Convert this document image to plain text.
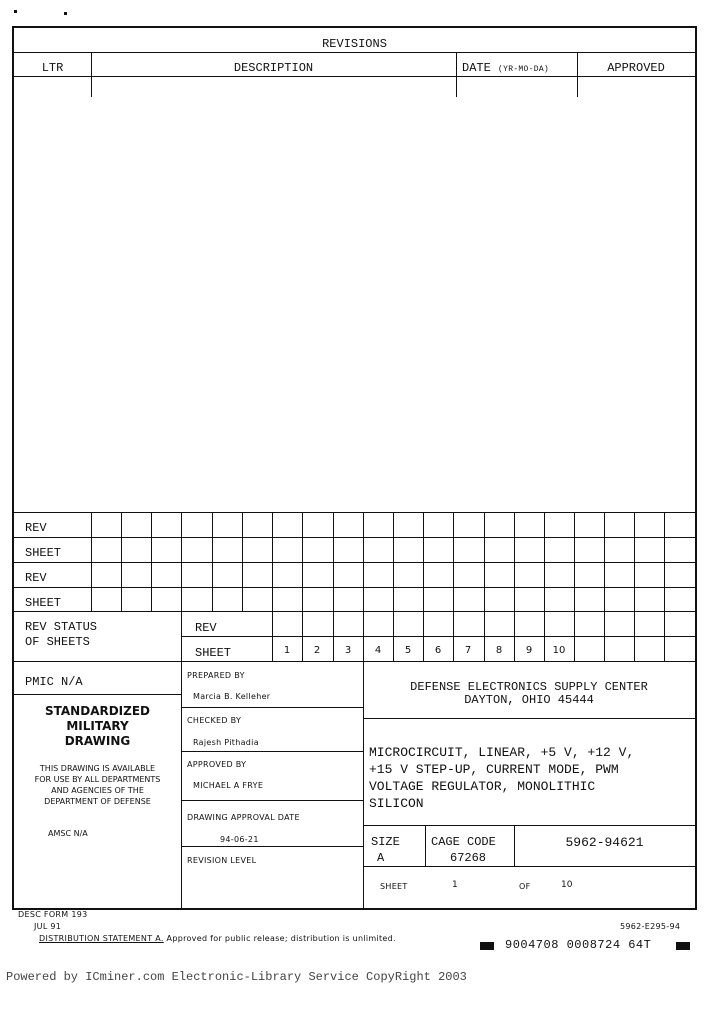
REVISIONS
LTR	DESCRIPTION	DATE (YR-MO-DA)	APPROVED
REV
SHEET
REV
SHEET
REV STATUS
OF SHEETS
REV
SHEET	1	2	3	4	5	6	7	8	9	10
PMIC N/A
STANDARDIZED
MILITARY
DRAWING
THIS DRAWING IS AVAILABLE
FOR USE BY ALL DEPARTMENTS
AND AGENCIES OF THE
DEPARTMENT OF DEFENSE
AMSC N/A
PREPARED BY
Marcia B. Kelleher
CHECKED BY
Rajesh Pithadia
APPROVED BY
MICHAEL A FRYE
DRAWING APPROVAL DATE
94-06-21
REVISION LEVEL
DEFENSE ELECTRONICS SUPPLY CENTER
DAYTON, OHIO 45444
MICROCIRCUIT, LINEAR, +5 V, +12 V,
+15 V STEP-UP, CURRENT MODE, PWM
VOLTAGE REGULATOR, MONOLITHIC
SILICON
SIZE
A
CAGE CODE
67268
5962-94621
SHEET	1	OF	10
DESC FORM 193
JUL 91
DISTRIBUTION STATEMENT A. Approved for public release; distribution is unlimited.
5962-E295-94
9004708 0008724 64T
Powered by ICminer.com Electronic-Library Service CopyRight 2003
